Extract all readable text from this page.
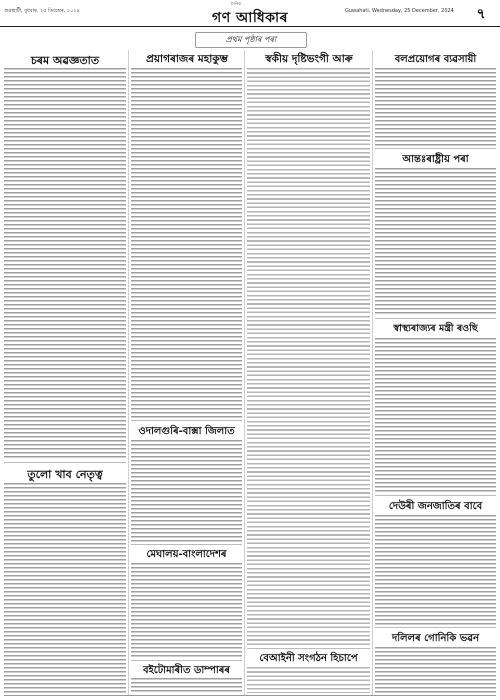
গুৱাহাটী, বুধবাৰ, ২৫ ডিচেম্বৰ, ২০২৪
দৈনিক
গণ আধিকাৰ	Guwahati, Wednesday, 25 December, 2024	৭
প্ৰথম পৃষ্ঠাৰ পৰা
চৰম অৱজ্ঞতাত
তুলো খাব নেতৃত্ব
প্ৰয়াগৰাজৰ মহাকুম্ভ
ওদালগুৰি-বাক্সা জিলাত
মেঘালয়-বাংলাদেশৰ
বইটোমাৰীত ডাম্পাৰৰ
স্বকীয় দৃষ্টিভংগী আৰু
বেআইনী সংগঠন হিচাপে
বলপ্ৰয়োগৰ ব্যৱসায়ী
আন্তঃৰাষ্ট্ৰীয় পৰা
স্বাস্থ্যৰাজ্যৰ মন্ত্ৰী ৰওছি
দেউৰী জনজাতিৰ বাবে
দলিলৰ গোনিকি ভৱন
